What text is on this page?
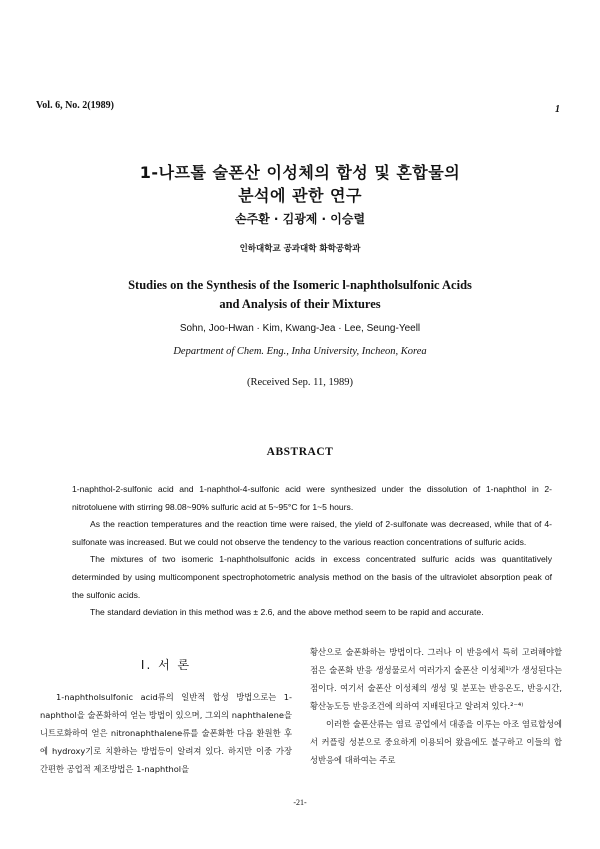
Vol. 6, No. 2(1989)	1
1-나프톨 술폰산 이성체의 합성 및 혼합물의
분석에 관한 연구
손주환 · 김광제 · 이승렬
인하대학교 공과대학 화학공학과
Studies on the Synthesis of the Isomeric l-naphtholsulfonic Acids
and Analysis of their Mixtures
Sohn, Joo-Hwan · Kim, Kwang-Jea · Lee, Seung-Yeell
Department of Chem. Eng., Inha University, Incheon, Korea
(Received Sep. 11, 1989)
ABSTRACT

1-naphthol-2-sulfonic acid and 1-naphthol-4-sulfonic acid were synthesized under the dissolution of 1-naphthol in 2-nitrotoluene with stirring 98.08~90% sulfuric acid at 5~95°C for 1~5 hours.

As the reaction temperatures and the reaction time were raised, the yield of 2-sulfonate was decreased, while that of 4-sulfonate was increased. But we could not observe the tendency to the various reaction concentrations of sulfuric acids.

The mixtures of two isomeric 1-naphtholsulfonic acids in excess concentrated sulfuric acids was quantitatively determinded by using multicomponent spectrophotometric analysis method on the basis of the ultraviolet absorption peak of the sulfonic acids.

The standard deviation in this method was ± 2.6, and the above method seem to be rapid and accurate.

I. 서 론

1-naphtholsulfonic acid류의 일반적 합성 방법으로는 1-naphthol을 술폰화하여 얻는 방법이 있으며, 그외의 naphthalene을 니트로화하여 얻은 nitronaphthalene류를 술폰화한 다음 환원한 후에 hydroxy기로 치환하는 방법등이 알려져 있다. 하지만 이중 가장 간편한 공업적 제조방법은 1-naphthol을

황산으로 술폰화하는 방법이다. 그러나 이 반응에서 특히 고려해야할 점은 술폰화 반응 생성물로서 여러가지 술폰산 이성체¹⁾가 생성된다는 점이다. 여기서 술폰산 이성체의 생성 및 분포는 반응온도, 반응시간, 황산농도등 반응조건에 의하여 지배된다고 알려져 있다.²⁻⁴⁾

이러한 술폰산류는 염료 공업에서 대종을 이루는 아조 염료합성에서 커플링 성분으로 중요하게 이용되어 왔음에도 불구하고 이들의 합성반응에 대하여는 주로

-21-
